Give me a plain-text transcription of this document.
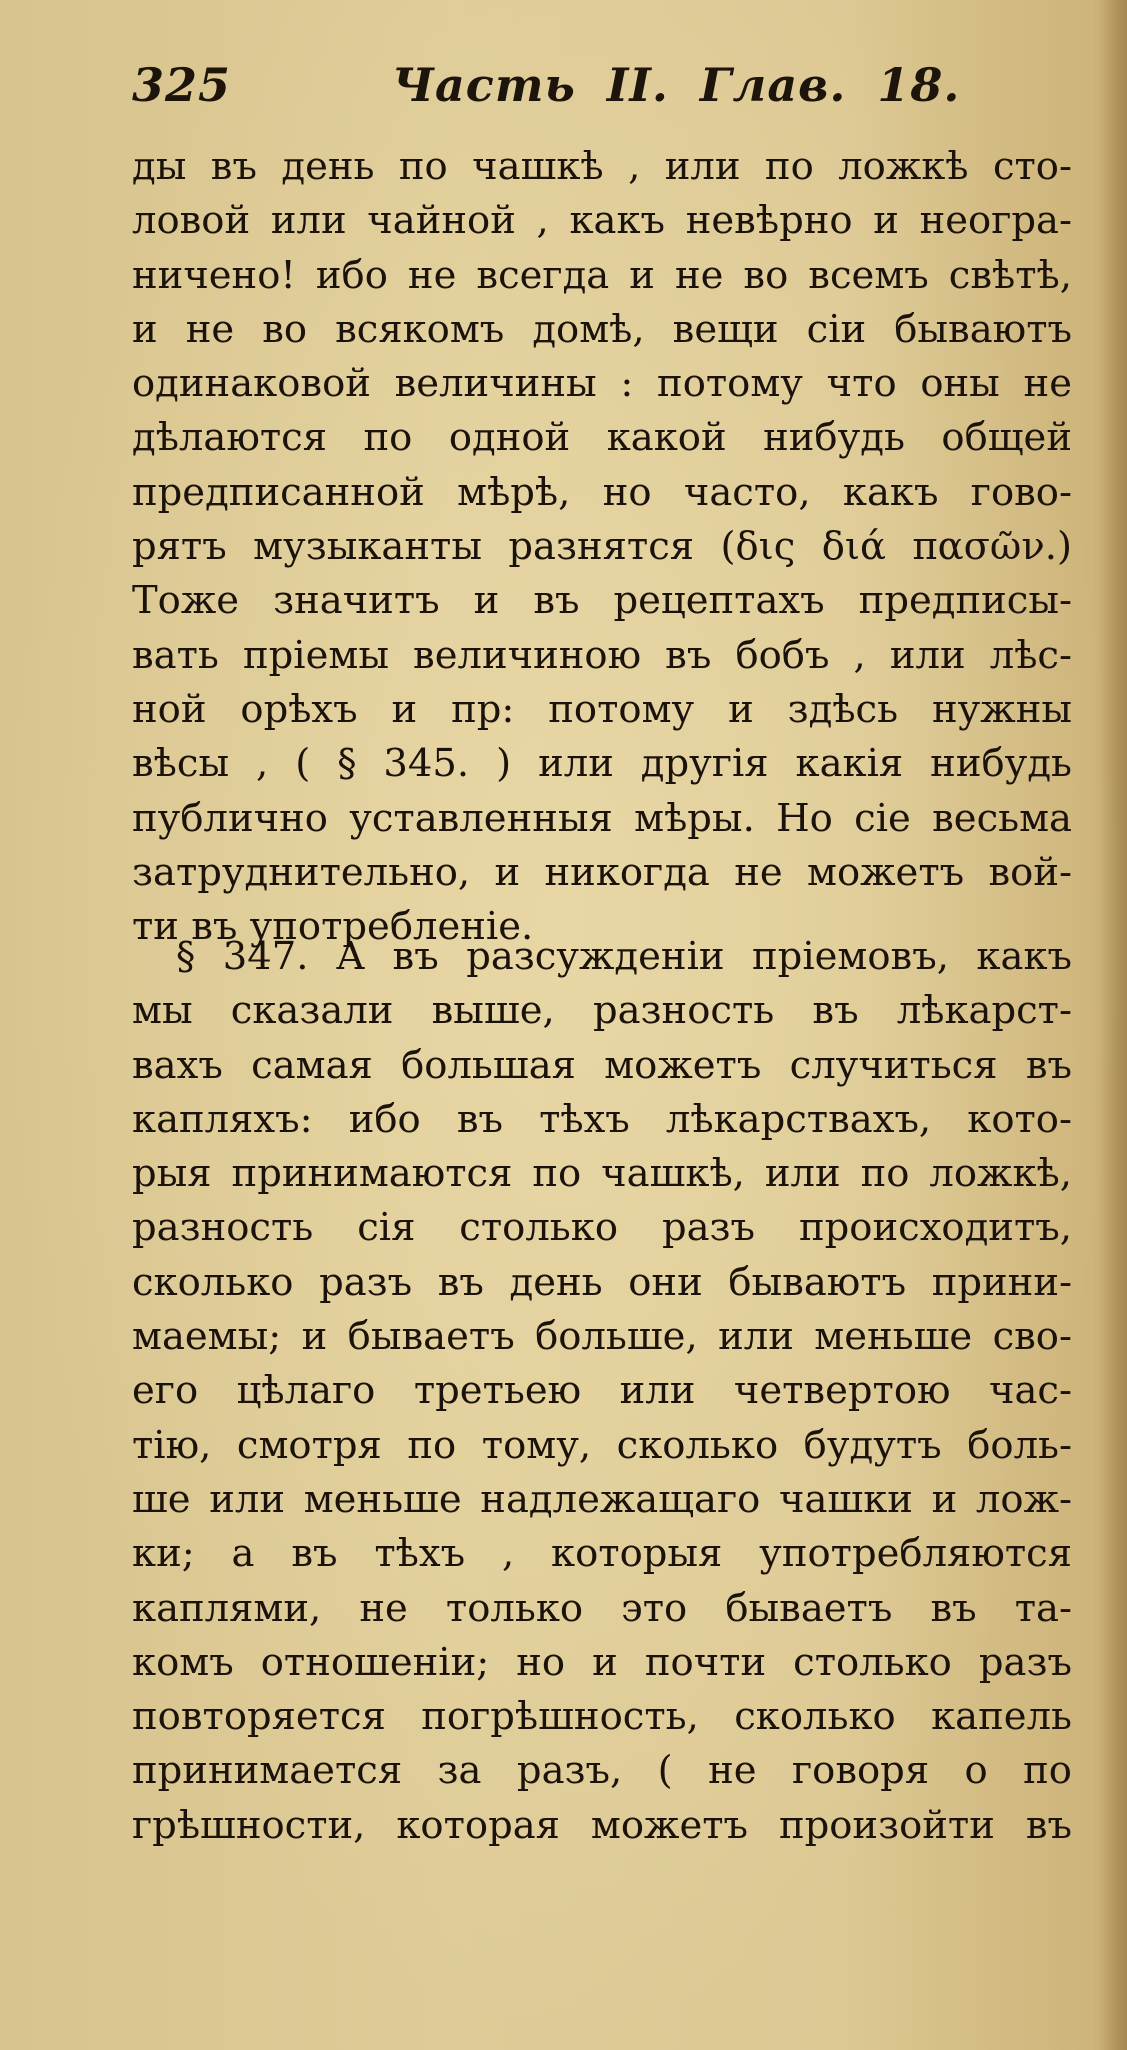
325	Часть II. Глав. 18.
ды въ день по чашкѣ , или по ложкѣ сто-
ловой или чайной , какъ невѣрно и неогра-
ничено! ибо не всегда и не во всемъ свѣтѣ,
и не во всякомъ домѣ, вещи сіи бываютъ
одинаковой величины : потому что оны не
дѣлаются по одной какой нибудь общей
предписанной мѣрѣ, но часто, какъ гово-
рятъ музыканты разнятся (δις διά πασῶν.)
Тоже значитъ и въ рецептахъ предписы-
вать пріемы величиною въ бобъ , или лѣс-
ной орѣхъ и пр: потому и здѣсь нужны
вѣсы , ( § 345. ) или другія какія нибудь
публично уставленныя мѣры. Но сіе весьма
затруднительно, и никогда не можетъ вой-
ти въ употребленіе.
§ 347. А въ разсужденіи пріемовъ, какъ
мы сказали выше, разность въ лѣкарст-
вахъ самая большая можетъ случиться въ
капляхъ: ибо въ тѣхъ лѣкарствахъ, кото-
рыя принимаются по чашкѣ, или по ложкѣ,
разность сія столько разъ происходитъ,
сколько разъ въ день они бываютъ прини-
маемы; и бываетъ больше, или меньше сво-
его цѣлаго третьею или четвертою час-
тію, смотря по тому, сколько будутъ боль-
ше или меньше надлежащаго чашки и лож-
ки; а въ тѣхъ , которыя употребляются
каплями, не только это бываетъ въ та-
комъ отношеніи; но и почти столько разъ
повторяется погрѣшность, сколько капель
принимается за разъ, ( не говоря о по
грѣшности, которая можетъ произойти въ
